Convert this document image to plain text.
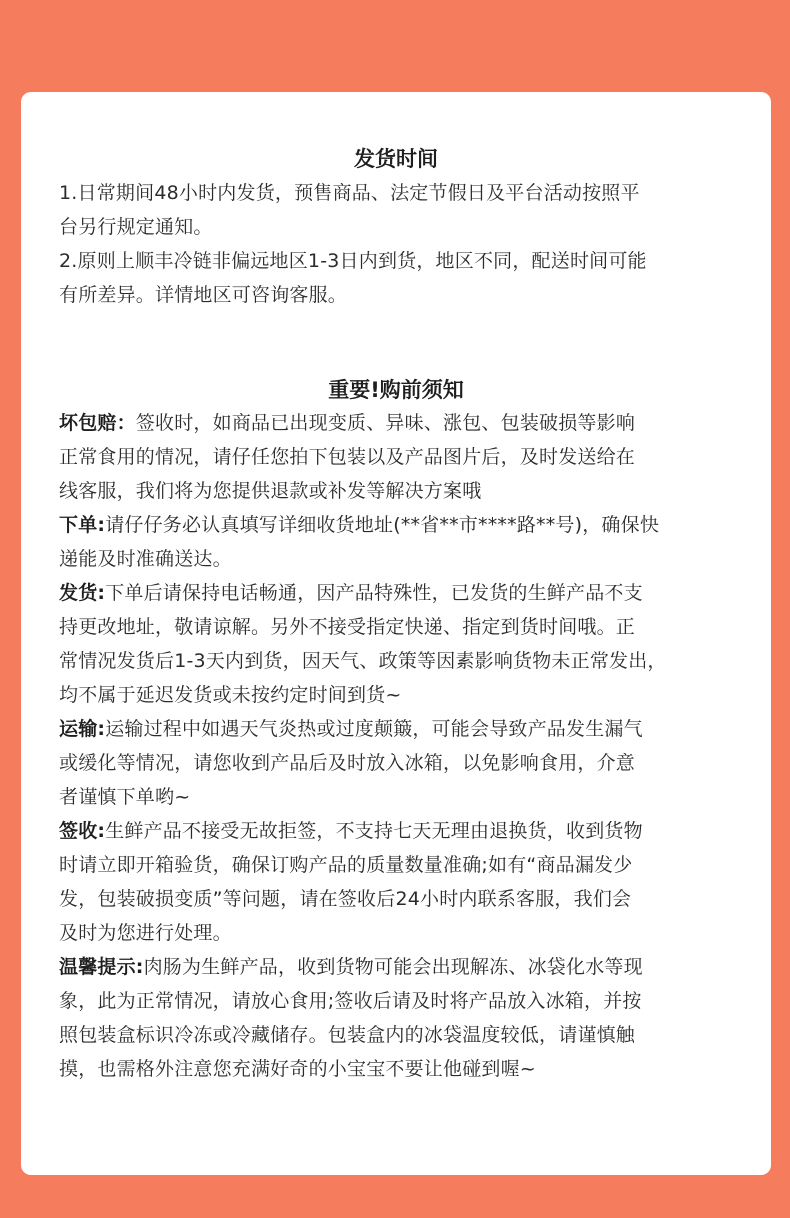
发货时间

1.日常期间48小时内发货，预售商品、法定节假日及平台活动按照平
台另行规定通知。

2.原则上顺丰冷链非偏远地区1-3日内到货，地区不同，配送时间可能
有所差异。详情地区可咨询客服。

重要!购前须知

坏包赔：签收时，如商品已出现变质、异味、涨包、包装破损等影响
正常食用的情况，请仔任您拍下包装以及产品图片后，及时发送给在
线客服，我们将为您提供退款或补发等解决方案哦

下单:请仔仔务必认真填写详细收货地址(**省**市****路**号)，确保快
递能及时准确送达。

发货:下单后请保持电话畅通，因产品特殊性，已发货的生鲜产品不支
持更改地址，敬请谅解。另外不接受指定快递、指定到货时间哦。正
常情况发货后1-3天内到货，因天气、政策等因素影响货物未正常发出，
均不属于延迟发货或未按约定时间到货~

运输:运输过程中如遇天气炎热或过度颠簸，可能会导致产品发生漏气
或缓化等情况，请您收到产品后及时放入冰箱，以免影响食用，介意
者谨慎下单哟~

签收:生鲜产品不接受无故拒签，不支持七天无理由退换货，收到货物
时请立即开箱验货，确保订购产品的质量数量准确;如有“商品漏发少
发，包装破损变质”等问题，请在签收后24小时内联系客服，我们会
及时为您进行处理。

温馨提示:肉肠为生鲜产品，收到货物可能会出现解冻、冰袋化水等现
象，此为正常情况，请放心食用;签收后请及时将产品放入冰箱，并按
照包装盒标识冷冻或冷藏储存。包装盒内的冰袋温度较低，请谨慎触
摸，也需格外注意您充满好奇的小宝宝不要让他碰到喔~
